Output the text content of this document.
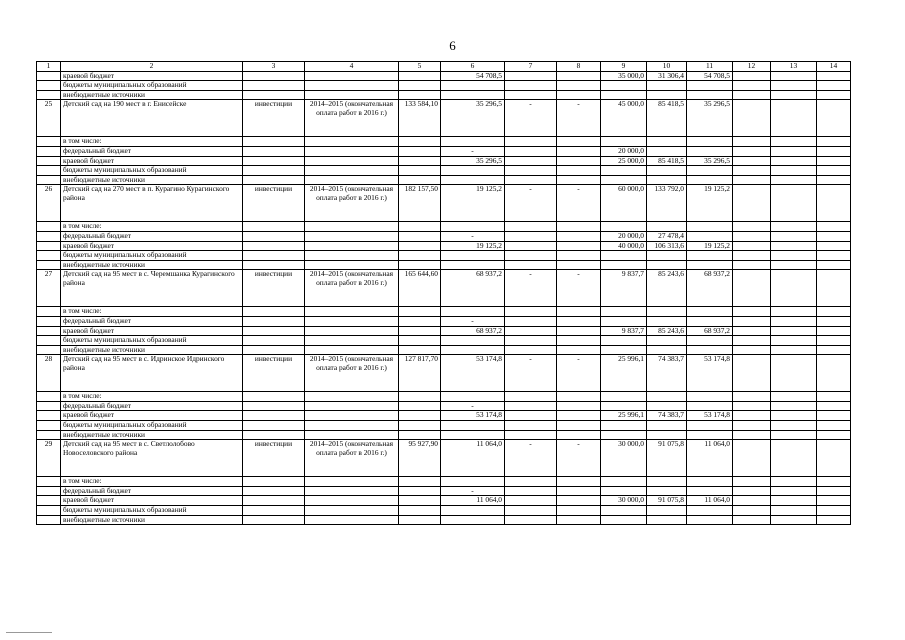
6
1	2	3	4	5	6	7	8	9	10	11	12	13	14
	краевой бюджет				54 708,5			35 000,0	31 306,4	54 708,5			
	бюджеты муниципальных образований												
	внебюджетные источники												
25	Детский сад на 190 мест в г. Енисейске	инвестиции	2014–2015 (окончательная оплата работ в 2016 г.)	133 584,10	35 296,5	-	-	45 000,0	85 418,5	35 296,5			
	в том числе:												
	федеральный бюджет				-			20 000,0					
	краевой бюджет				35 296,5			25 000,0	85 418,5	35 296,5			
	бюджеты муниципальных образований												
	внебюджетные источники												
26	Детский сад на 270 мест в п. Курагино Курагинского района	инвестиции	2014–2015 (окончательная оплата работ в 2016 г.)	182 157,50	19 125,2	-	-	60 000,0	133 792,0	19 125,2			
	в том числе:												
	федеральный бюджет				-			20 000,0	27 478,4				
	краевой бюджет				19 125,2			40 000,0	106 313,6	19 125,2			
	бюджеты муниципальных образований												
	внебюджетные источники												
27	Детский сад на 95 мест в с. Черемшанка Курагинского района	инвестиции	2014–2015 (окончательная оплата работ в 2016 г.)	165 644,60	68 937,2	-	-	9 837,7	85 243,6	68 937,2			
	в том числе:												
	федеральный бюджет				-								
	краевой бюджет				68 937,2			9 837,7	85 243,6	68 937,2			
	бюджеты муниципальных образований												
	внебюджетные источники												
28	Детский сад на 95 мест в с. Идринское Идринского района	инвестиции	2014–2015 (окончательная оплата работ в 2016 г.)	127 817,70	53 174,8	-	-	25 996,1	74 383,7	53 174,8			
	в том числе:												
	федеральный бюджет				-								
	краевой бюджет				53 174,8			25 996,1	74 383,7	53 174,8			
	бюджеты муниципальных образований												
	внебюджетные источники												
29	Детский сад на 95 мест в с. Светлолобово Новоселовского района	инвестиции	2014–2015 (окончательная оплата работ в 2016 г.)	95 927,90	11 064,0	-	-	30 000,0	91 075,8	11 064,0			
	в том числе:												
	федеральный бюджет				-								
	краевой бюджет				11 064,0			30 000,0	91 075,8	11 064,0			
	бюджеты муниципальных образований												
	внебюджетные источники												
